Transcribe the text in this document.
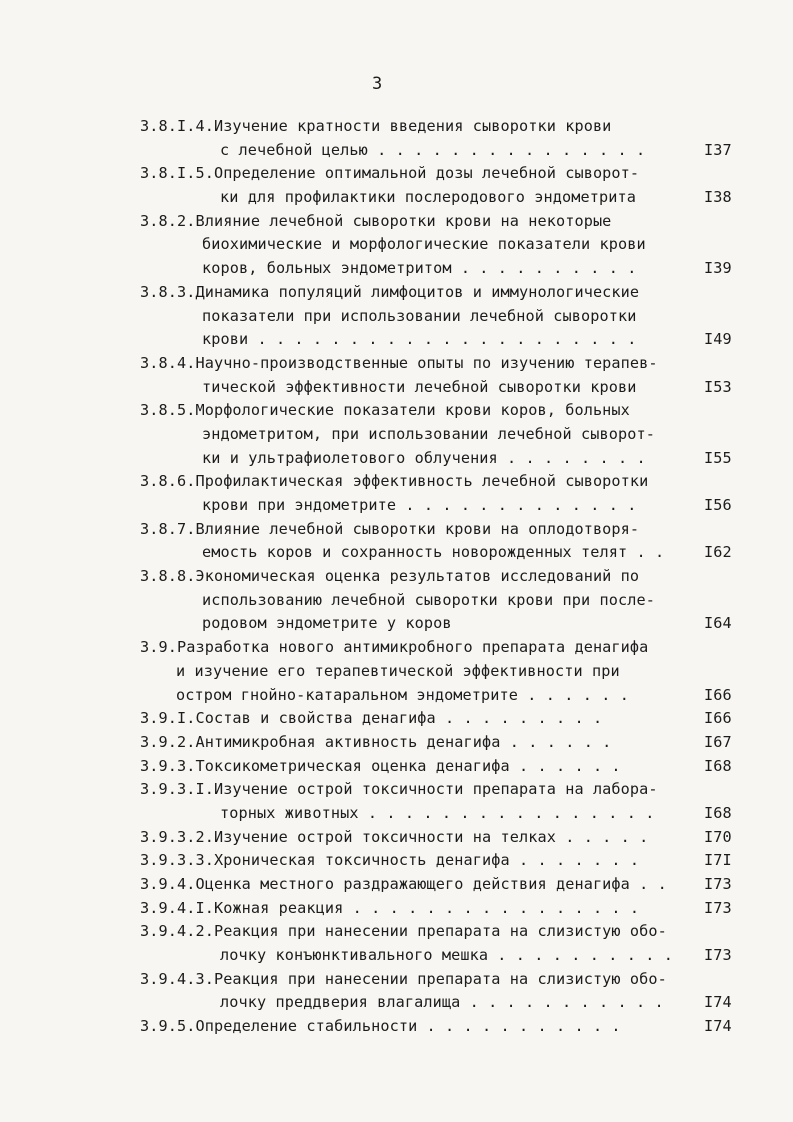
3
3.8.I.4.Изучение кратности введения сыворотки крови
с лечебной целью . . . . . . . . . . . . . . .	I37
3.8.I.5.Определение оптимальной дозы лечебной сыворот-
ки для профилактики послеродового эндометрита	I38
3.8.2.Влияние лечебной сыворотки крови на некоторые
биохимические и морфологические показатели крови
коров, больных эндометритом . . . . . . . . . .	I39
3.8.3.Динамика популяций лимфоцитов и иммунологические
показатели при использовании лечебной сыворотки
крови . . . . . . . . . . . . . . . . . . . . .	I49
3.8.4.Научно-производственные опыты по изучению терапев-
тической эффективности лечебной сыворотки крови	I53
3.8.5.Морфологические показатели крови коров, больных
эндометритом, при использовании лечебной сыворот-
ки и ультрафиолетового облучения . . . . . . . .	I55
3.8.6.Профилактическая эффективность лечебной сыворотки
крови при эндометрите . . . . . . . . . . . . .	I56
3.8.7.Влияние лечебной сыворотки крови на оплодотворя-
емость коров и сохранность новорожденных телят . .	I62
3.8.8.Экономическая оценка результатов исследований по
использованию лечебной сыворотки крови при после-
родовом эндометрите у коров	I64
3.9.Разработка нового антимикробного препарата денагифа
и изучение его терапевтической эффективности при
остром гнойно-катаральном эндометрите . . . . . .	I66
3.9.I.Состав и свойства денагифа . . . . . . . . .	I66
3.9.2.Антимикробная активность денагифа . . . . . .	I67
3.9.3.Токсикометрическая оценка денагифа . . . . . .	I68
3.9.3.I.Изучение острой токсичности препарата на лабора-
торных животных . . . . . . . . . . . . . . . .	I68
3.9.3.2.Изучение острой токсичности на телках . . . . .	I70
3.9.3.3.Хроническая токсичность денагифа . . . . . . .	I7I
3.9.4.Оценка местного раздражающего действия денагифа . . I73
3.9.4.I.Кожная реакция . . . . . . . . . . . . . . . .	I73
3.9.4.2.Реакция при нанесении препарата на слизистую обо-
лочку конъюнктивального мешка . . . . . . . . . . I73
3.9.4.3.Реакция при нанесении препарата на слизистую обо-
лочку преддверия влагалища . . . . . . . . . . .	I74
3.9.5.Определение стабильности . . . . . . . . . . .	I74
